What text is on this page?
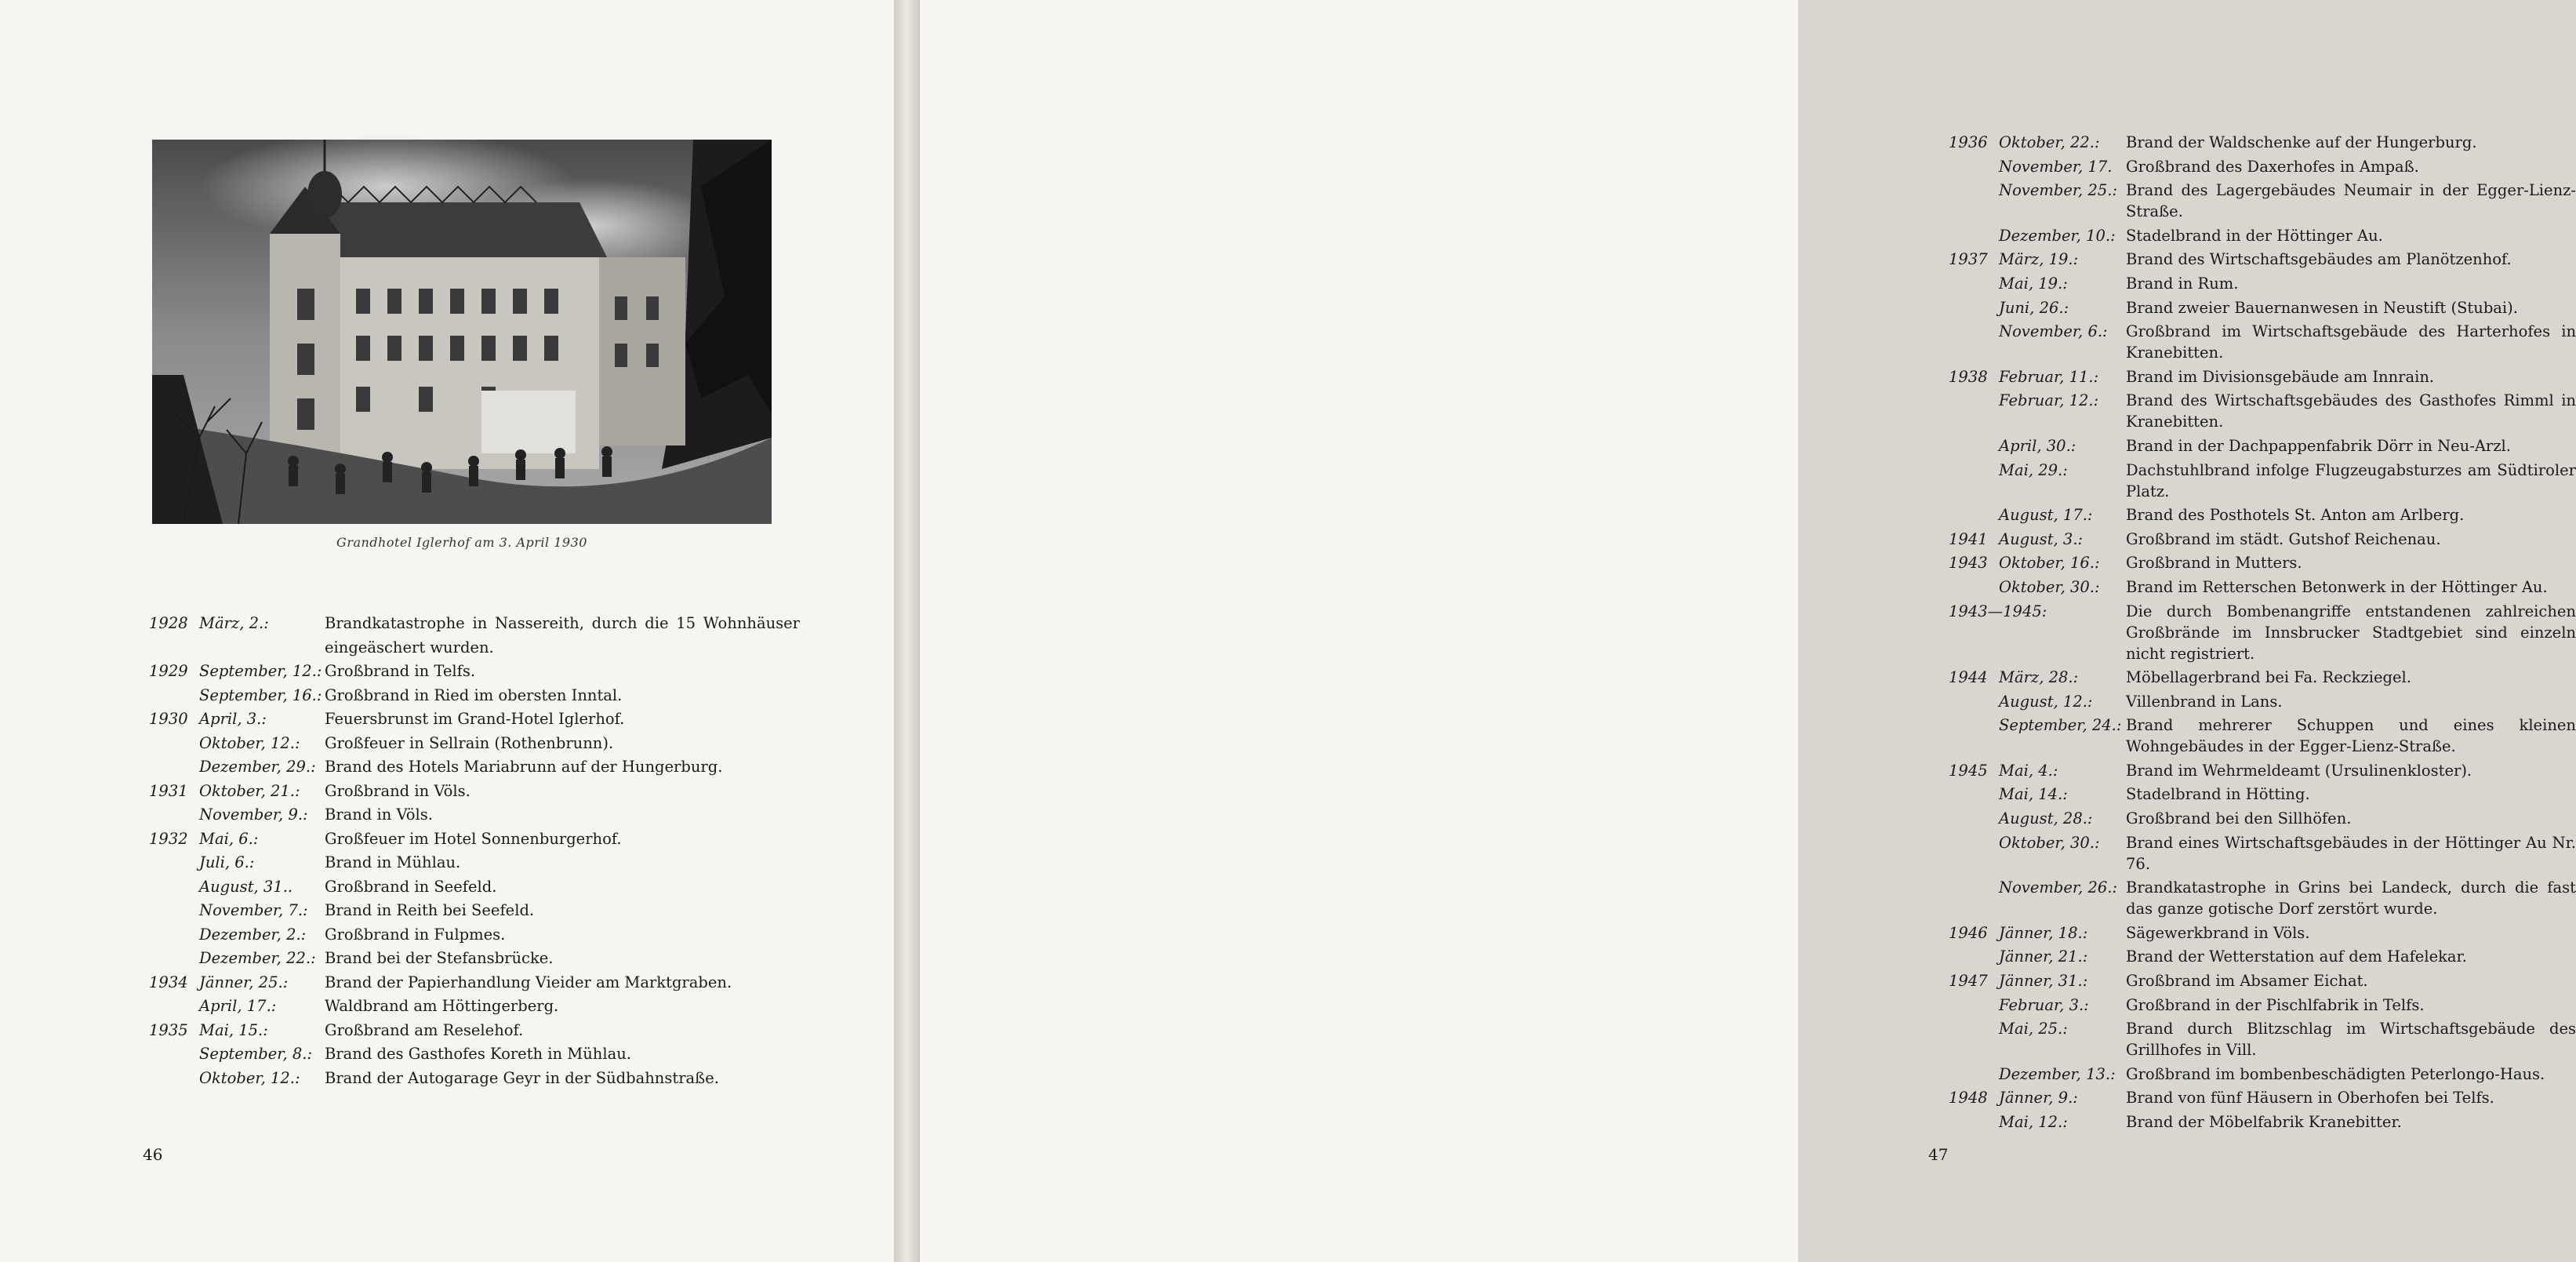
Grandhotel Iglerhof am 3. April 1930
1928 März, 2.:	Brandkatastrophe in Nassereith, durch die 15 Wohnhäuser eingeäschert wurden.
1929 September, 12.: Großbrand in Telfs.
September, 16.: Großbrand in Ried im obersten Inntal.
1930 April, 3.:	Feuersbrunst im Grand-Hotel Iglerhof.
Oktober, 12.:	Großfeuer in Sellrain (Rothenbrunn).
Dezember, 29.: Brand des Hotels Mariabrunn auf der Hungerburg.
1931 Oktober, 21.:	Großbrand in Völs.
November, 9.:	Brand in Völs.
1932 Mai, 6.:	Großfeuer im Hotel Sonnenburgerhof.
Juli, 6.:	Brand in Mühlau.
August, 31..	Großbrand in Seefeld.
November, 7.:	Brand in Reith bei Seefeld.
Dezember, 2.:	Großbrand in Fulpmes.
Dezember, 22.: Brand bei der Stefansbrücke.
1934 Jänner, 25.:	Brand der Papierhandlung Vieider am Marktgraben.
April, 17.:	Waldbrand am Höttingerberg.
1935 Mai, 15.:	Großbrand am Reselehof.
September, 8.: Brand des Gasthofes Koreth in Mühlau.
Oktober, 12.:	Brand der Autogarage Geyr in der Südbahnstraße.
46
1936 Oktober, 22.:	Brand der Waldschenke auf der Hungerburg.
November, 17. Großbrand des Daxerhofes in Ampaß.
November, 25.: Brand des Lagergebäudes Neumair in der Egger-Lienz-Straße.
Dezember, 10.: Stadelbrand in der Höttinger Au.
1937 März, 19.:	Brand des Wirtschaftsgebäudes am Planötzenhof.
Mai, 19.:	Brand in Rum.
Juni, 26.:	Brand zweier Bauernanwesen in Neustift (Stubai).
November, 6.:	Großbrand im Wirtschaftsgebäude des Harterhofes in Kranebitten.
1938 Februar, 11.:	Brand im Divisionsgebäude am Innrain.
Februar, 12.:	Brand des Wirtschaftsgebäudes des Gasthofes Rimml in Kranebitten.
April, 30.:	Brand in der Dachpappenfabrik Dörr in Neu-Arzl.
Mai, 29.:	Dachstuhlbrand infolge Flugzeugabsturzes am Südtiroler Platz.
August, 17.:	Brand des Posthotels St. Anton am Arlberg.
1941 August, 3.:	Großbrand im städt. Gutshof Reichenau.
1943 Oktober, 16.:	Großbrand in Mutters.
Oktober, 30.:	Brand im Retterschen Betonwerk in der Höttinger Au.
1943—1945:	Die durch Bombenangriffe entstandenen zahlreichen Großbrände im Innsbrucker Stadtgebiet sind einzeln nicht registriert.
1944 März, 28.:	Möbellagerbrand bei Fa. Reckziegel.
August, 12.:	Villenbrand in Lans.
September, 24.: Brand mehrerer Schuppen und eines kleinen Wohngebäudes in der Egger-Lienz-Straße.
1945 Mai, 4.:	Brand im Wehrmeldeamt (Ursulinenkloster).
Mai, 14.:	Stadelbrand in Hötting.
August, 28.:	Großbrand bei den Sillhöfen.
Oktober, 30.:	Brand eines Wirtschaftsgebäudes in der Höttinger Au Nr. 76.
November, 26.: Brandkatastrophe in Grins bei Landeck, durch die fast das ganze gotische Dorf zerstört wurde.
1946 Jänner, 18.:	Sägewerkbrand in Völs.
Jänner, 21.:	Brand der Wetterstation auf dem Hafelekar.
1947 Jänner, 31.:	Großbrand im Absamer Eichat.
Februar, 3.:	Großbrand in der Pischlfabrik in Telfs.
Mai, 25.:	Brand durch Blitzschlag im Wirtschaftsgebäude des Grillhofes in Vill.
Dezember, 13.: Großbrand im bombenbeschädigten Peterlongo-Haus.
1948 Jänner, 9.:	Brand von fünf Häusern in Oberhofen bei Telfs.
Mai, 12.:	Brand der Möbelfabrik Kranebitter.
47
